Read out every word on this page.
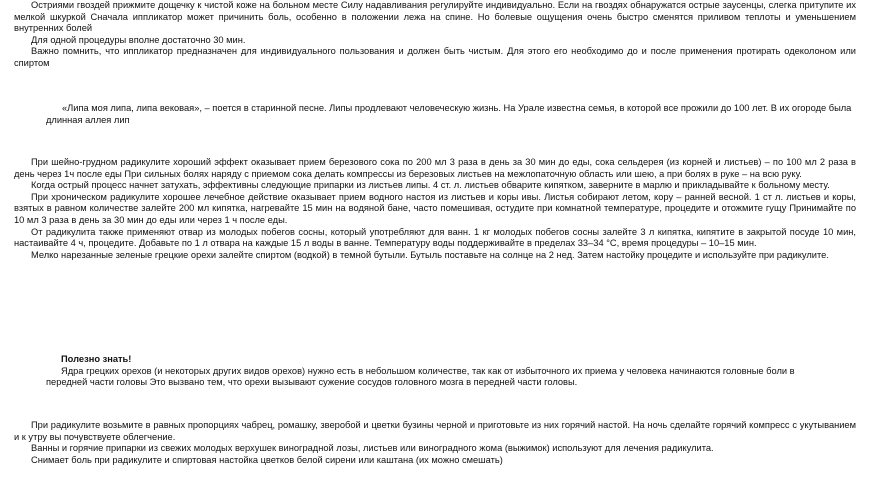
Остриями гвоздей прижмите дощечку к чистой коже на больном месте Силу надавливания регулируйте индивидуально. Если на гвоздях обнаружатся острые заусенцы, слегка притупите их мелкой шкуркой Сначала иппликатор может причинить боль, особенно в положении лежа на спине. Но болевые ощущения очень быстро сменятся приливом теплоты и уменьшением внутренних болей

Для одной процедуры вполне достаточно 30 мин.

Важно помнить, что иппликатор предназначен для индивидуального пользования и должен быть чистым. Для этого его необходимо до и после применения протирать одеколоном или спиртом

«Липа моя липа, липа вековая», – поется в старинной песне. Липы продлевают человеческую жизнь. На Урале известна семья, в которой все прожили до 100 лет. В их огороде была длинная аллея лип

При шейно-грудном радикулите хороший эффект оказывает прием березового сока по 200 мл 3 раза в день за 30 мин до еды, сока сельдерея (из корней и листьев) – по 100 мл 2 раза в день через 1ч после еды При сильных болях наряду с приемом сока делать компрессы из березовых листьев на межлопаточную область или шею, а при болях в руке – на всю руку.

Когда острый процесс начнет затухать, эффективны следующие припарки из листьев липы. 4 ст. л. листьев обварите кипятком, заверните в марлю и прикладывайте к больному месту.

При хроническом радикулите хорошее лечебное действие оказывает прием водного настоя из листьев и коры ивы. Листья собирают летом, кору – ранней весной. 1 ст л. листьев и коры, взятых в равном количестве залейте 200 мл кипятка, нагревайте 15 мин на водяной бане, часто помешивая, остудите при комнатной температуре, процедите и отожмите гущу Принимайте по 10 мл 3 раза в день за 30 мин до еды или через 1 ч после еды.

От радикулита также применяют отвар из молодых побегов сосны, который употребляют для ванн. 1 кг молодых побегов сосны залейте 3 л кипятка, кипятите в закрытой посуде 10 мин, настаивайте 4 ч, процедите. Добавьте по 1 л отвара на каждые 15 л воды в ванне. Температуру воды поддерживайте в пределах 33–34 °С, время процедуры – 10–15 мин.

Мелко нарезанные зеленые грецкие орехи залейте спиртом (водкой) в темной бутыли. Бутыль поставьте на солнце на 2 нед. Затем настойку процедите и используйте при радикулите.

Полезно знать!

Ядра грецких орехов (и некоторых других видов орехов) нужно есть в небольшом количестве, так как от избыточного их приема у человека начинаются головные боли в передней части головы Это вызвано тем, что орехи вызывают сужение сосудов головного мозга в передней части головы.

При радикулите возьмите в равных пропорциях чабрец, ромашку, зверобой и цветки бузины черной и приготовьте из них горячий настой. На ночь сделайте горячий компресс с укутыванием и к утру вы почувствуете облегчение.

Ванны и горячие припарки из свежих молодых верхушек виноградной лозы, листьев или виноградного жома (выжимок) используют для лечения радикулита.

Снимает боль при радикулите и спиртовая настойка цветков белой сирени или каштана (их можно смешать)
